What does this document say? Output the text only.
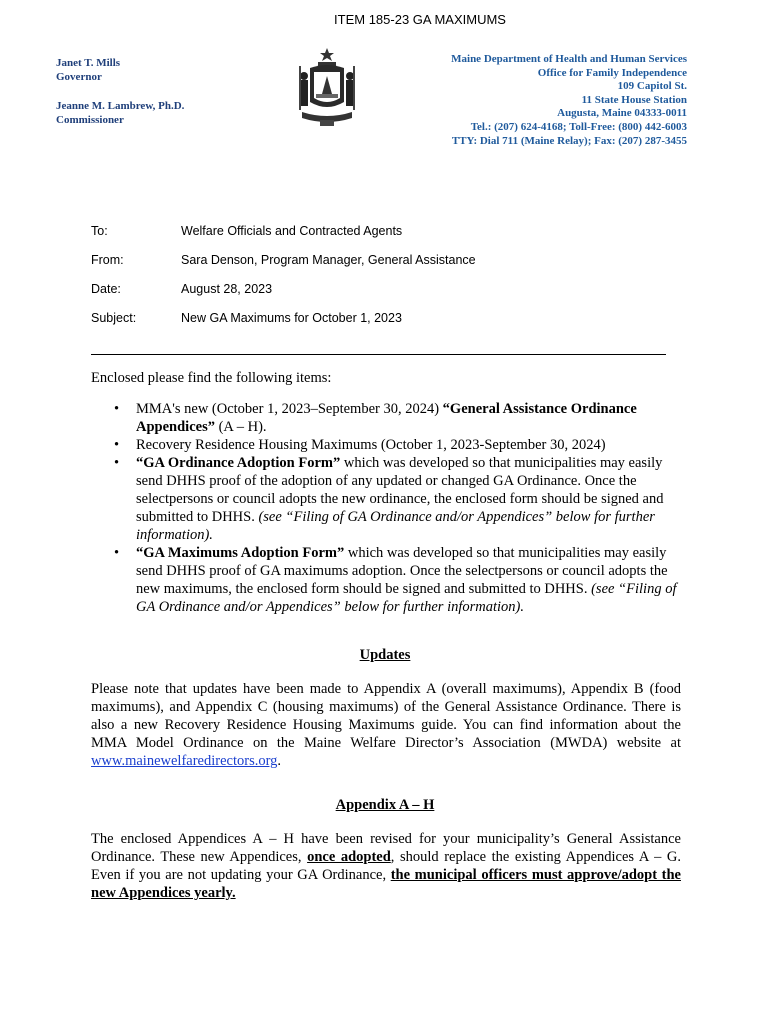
ITEM 185-23 GA MAXIMUMS
Janet T. Mills
Governor
Jeanne M. Lambrew, Ph.D.
Commissioner
Maine Department of Health and Human Services
Office for Family Independence
109 Capitol St.
11 State House Station
Augusta, Maine 04333-0011
Tel.: (207) 624-4168; Toll-Free: (800) 442-6003
TTY: Dial 711 (Maine Relay); Fax: (207) 287-3455
To:	Welfare Officials and Contracted Agents
From:	Sara Denson, Program Manager, General Assistance
Date:	August 28, 2023
Subject:	New GA Maximums for October 1, 2023
Enclosed please find the following items:
• MMA's new (October 1, 2023–September 30, 2024) “General Assistance Ordinance Appendices” (A – H).
• Recovery Residence Housing Maximums (October 1, 2023-September 30, 2024)
• “GA Ordinance Adoption Form” which was developed so that municipalities may easily send DHHS proof of the adoption of any updated or changed GA Ordinance. Once the selectpersons or council adopts the new ordinance, the enclosed form should be signed and submitted to DHHS. (see “Filing of GA Ordinance and/or Appendices” below for further information).
• “GA Maximums Adoption Form” which was developed so that municipalities may easily send DHHS proof of GA maximums adoption. Once the selectpersons or council adopts the new maximums, the enclosed form should be signed and submitted to DHHS. (see “Filing of GA Ordinance and/or Appendices” below for further information).
Updates
Please note that updates have been made to Appendix A (overall maximums), Appendix B (food maximums), and Appendix C (housing maximums) of the General Assistance Ordinance. There is also a new Recovery Residence Housing Maximums guide. You can find information about the MMA Model Ordinance on the Maine Welfare Director’s Association (MWDA) website at www.mainewelfaredirectors.org.
Appendix A – H
The enclosed Appendices A – H have been revised for your municipality’s General Assistance Ordinance. These new Appendices, once adopted, should replace the existing Appendices A – G. Even if you are not updating your GA Ordinance, the municipal officers must approve/adopt the new Appendices yearly.
